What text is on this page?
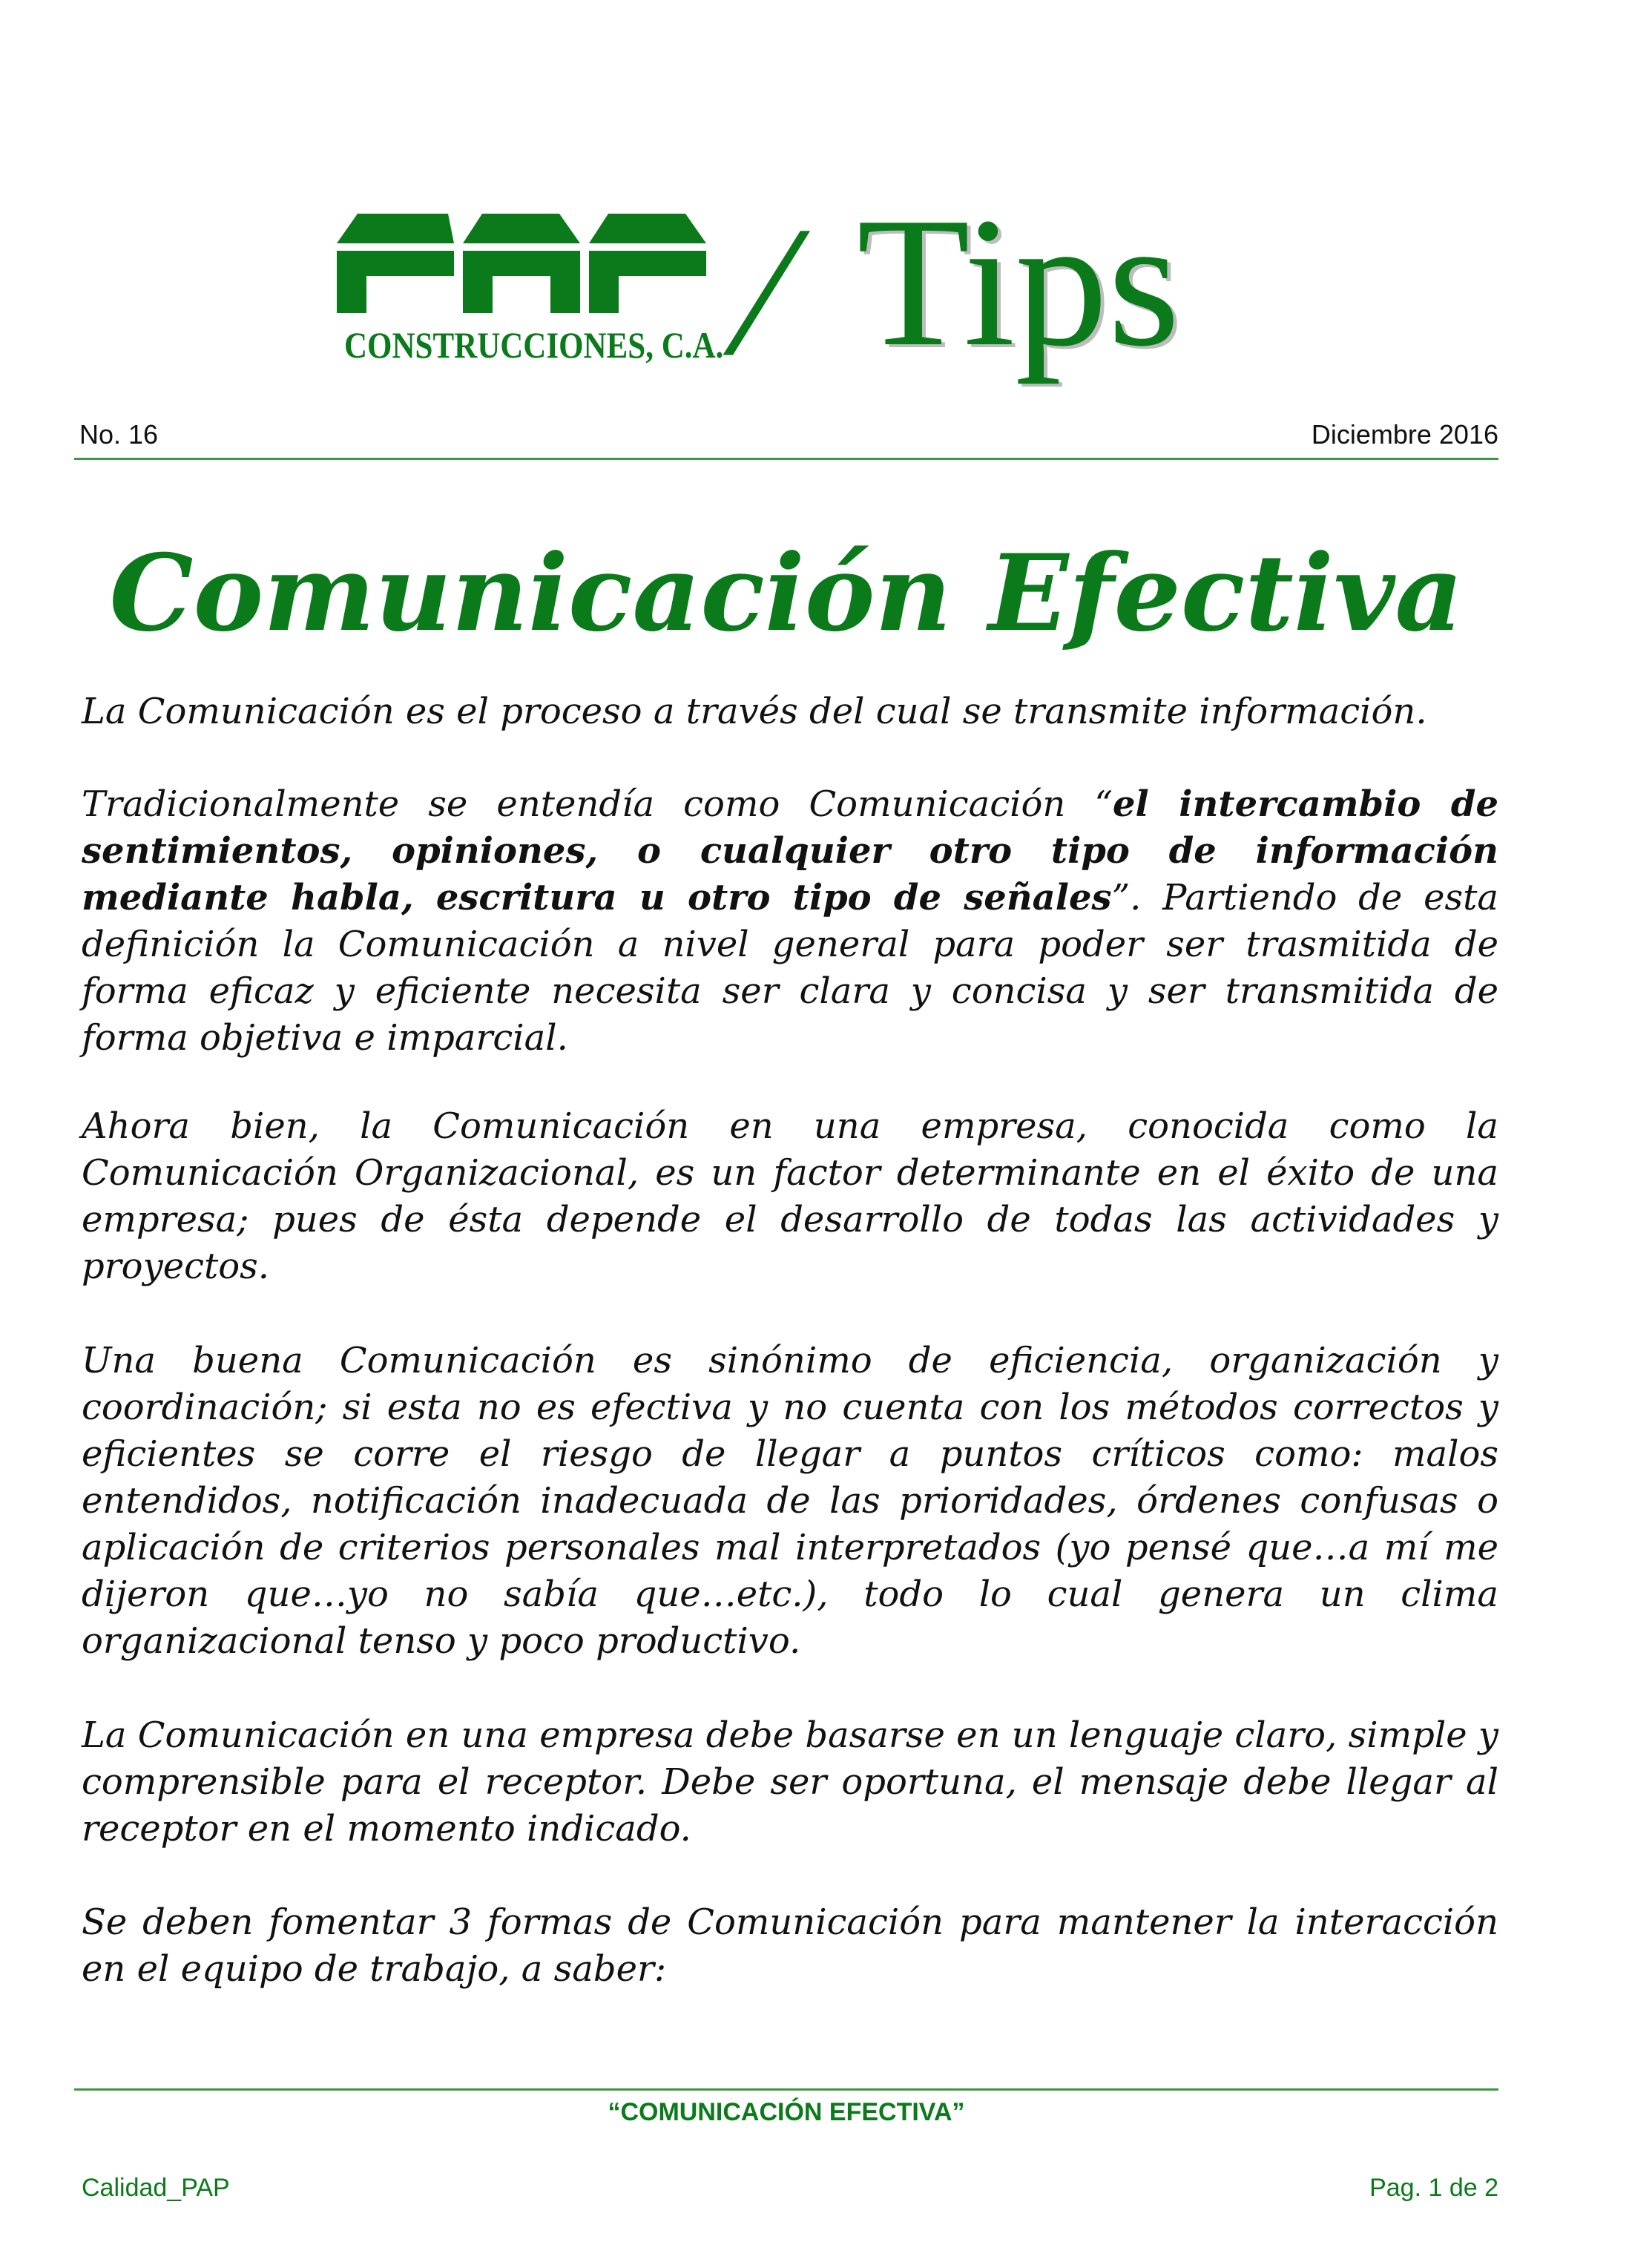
CONSTRUCCIONES, C.A. / Tips
No. 16	Diciembre 2016
Comunicación Efectiva

La Comunicación es el proceso a través del cual se transmite información.

Tradicionalmente se entendía como Comunicación “el intercambio de sentimientos, opiniones, o cualquier otro tipo de información mediante habla, escritura u otro tipo de señales”. Partiendo de esta definición la Comunicación a nivel general para poder ser trasmitida de forma eficaz y eficiente necesita ser clara y concisa y ser transmitida de forma objetiva e imparcial.

Ahora bien, la Comunicación en una empresa, conocida como la Comunicación Organizacional, es un factor determinante en el éxito de una empresa; pues de ésta depende el desarrollo de todas las actividades y proyectos.

Una buena Comunicación es sinónimo de eficiencia, organización y coordinación; si esta no es efectiva y no cuenta con los métodos correctos y eficientes se corre el riesgo de llegar a puntos críticos como: malos entendidos, notificación inadecuada de las prioridades, órdenes confusas o aplicación de criterios personales mal interpretados (yo pensé que…a mí me dijeron que…yo no sabía que…etc.), todo lo cual genera un clima organizacional tenso y poco productivo.

La Comunicación en una empresa debe basarse en un lenguaje claro, simple y comprensible para el receptor. Debe ser oportuna, el mensaje debe llegar al receptor en el momento indicado.

Se deben fomentar 3 formas de Comunicación para mantener la interacción en el equipo de trabajo, a saber:

“COMUNICACIÓN EFECTIVA”
Calidad_PAP	Pag. 1 de 2
